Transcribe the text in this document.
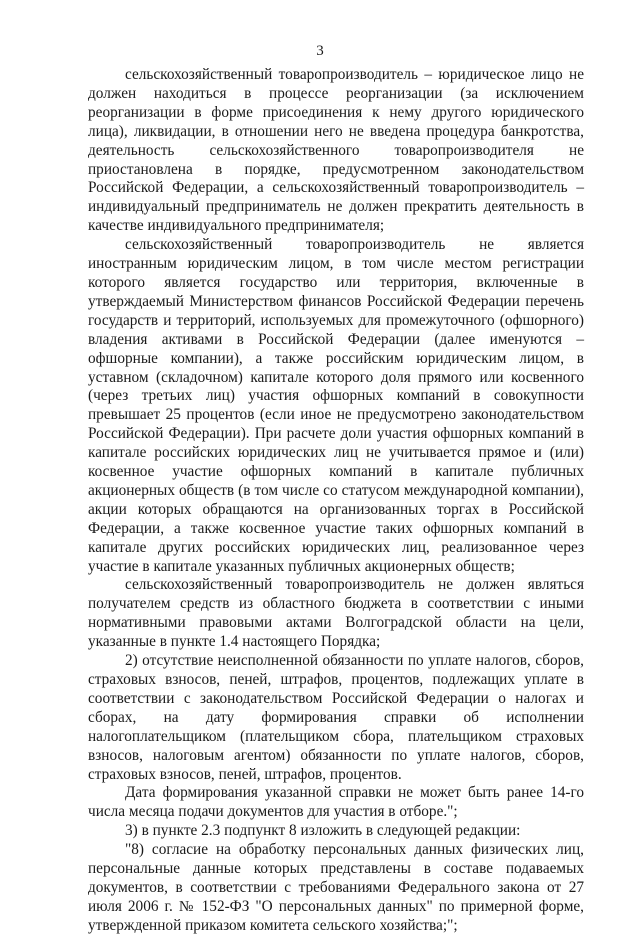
3

сельскохозяйственный товаропроизводитель – юридическое лицо не должен находиться в процессе реорганизации (за исключением реорганизации в форме присоединения к нему другого юридического лица), ликвидации, в отношении него не введена процедура банкротства, деятельность сельскохозяйственного товаропроизводителя не приостановлена в порядке, предусмотренном законодательством Российской Федерации, а сельскохозяйственный товаропроизводитель – индивидуальный предприниматель не должен прекратить деятельность в качестве индивидуального предпринимателя;

сельскохозяйственный товаропроизводитель не является иностранным юридическим лицом, в том числе местом регистрации которого является государство или территория, включенные в утверждаемый Министерством финансов Российской Федерации перечень государств и территорий, используемых для промежуточного (офшорного) владения активами в Российской Федерации (далее именуются – офшорные компании), а также российским юридическим лицом, в уставном (складочном) капитале которого доля прямого или косвенного (через третьих лиц) участия офшорных компаний в совокупности превышает 25 процентов (если иное не предусмотрено законодательством Российской Федерации). При расчете доли участия офшорных компаний в капитале российских юридических лиц не учитывается прямое и (или) косвенное участие офшорных компаний в капитале публичных акционерных обществ (в том числе со статусом международной компании), акции которых обращаются на организованных торгах в Российской Федерации, а также косвенное участие таких офшорных компаний в капитале других российских юридических лиц, реализованное через участие в капитале указанных публичных акционерных обществ;

сельскохозяйственный товаропроизводитель не должен являться получателем средств из областного бюджета в соответствии с иными нормативными правовыми актами Волгоградской области на цели, указанные в пункте 1.4 настоящего Порядка;

2) отсутствие неисполненной обязанности по уплате налогов, сборов, страховых взносов, пеней, штрафов, процентов, подлежащих уплате в соответствии с законодательством Российской Федерации о налогах и сборах, на дату формирования справки об исполнении налогоплательщиком (плательщиком сбора, плательщиком страховых взносов, налоговым агентом) обязанности по уплате налогов, сборов, страховых взносов, пеней, штрафов, процентов.

Дата формирования указанной справки не может быть ранее 14-го числа месяца подачи документов для участия в отборе.";

3) в пункте 2.3 подпункт 8 изложить в следующей редакции:

"8) согласие на обработку персональных данных физических лиц, персональные данные которых представлены в составе подаваемых документов, в соответствии с требованиями Федерального закона от 27 июля 2006 г. № 152-ФЗ "О персональных данных" по примерной форме, утвержденной приказом комитета сельского хозяйства;";
